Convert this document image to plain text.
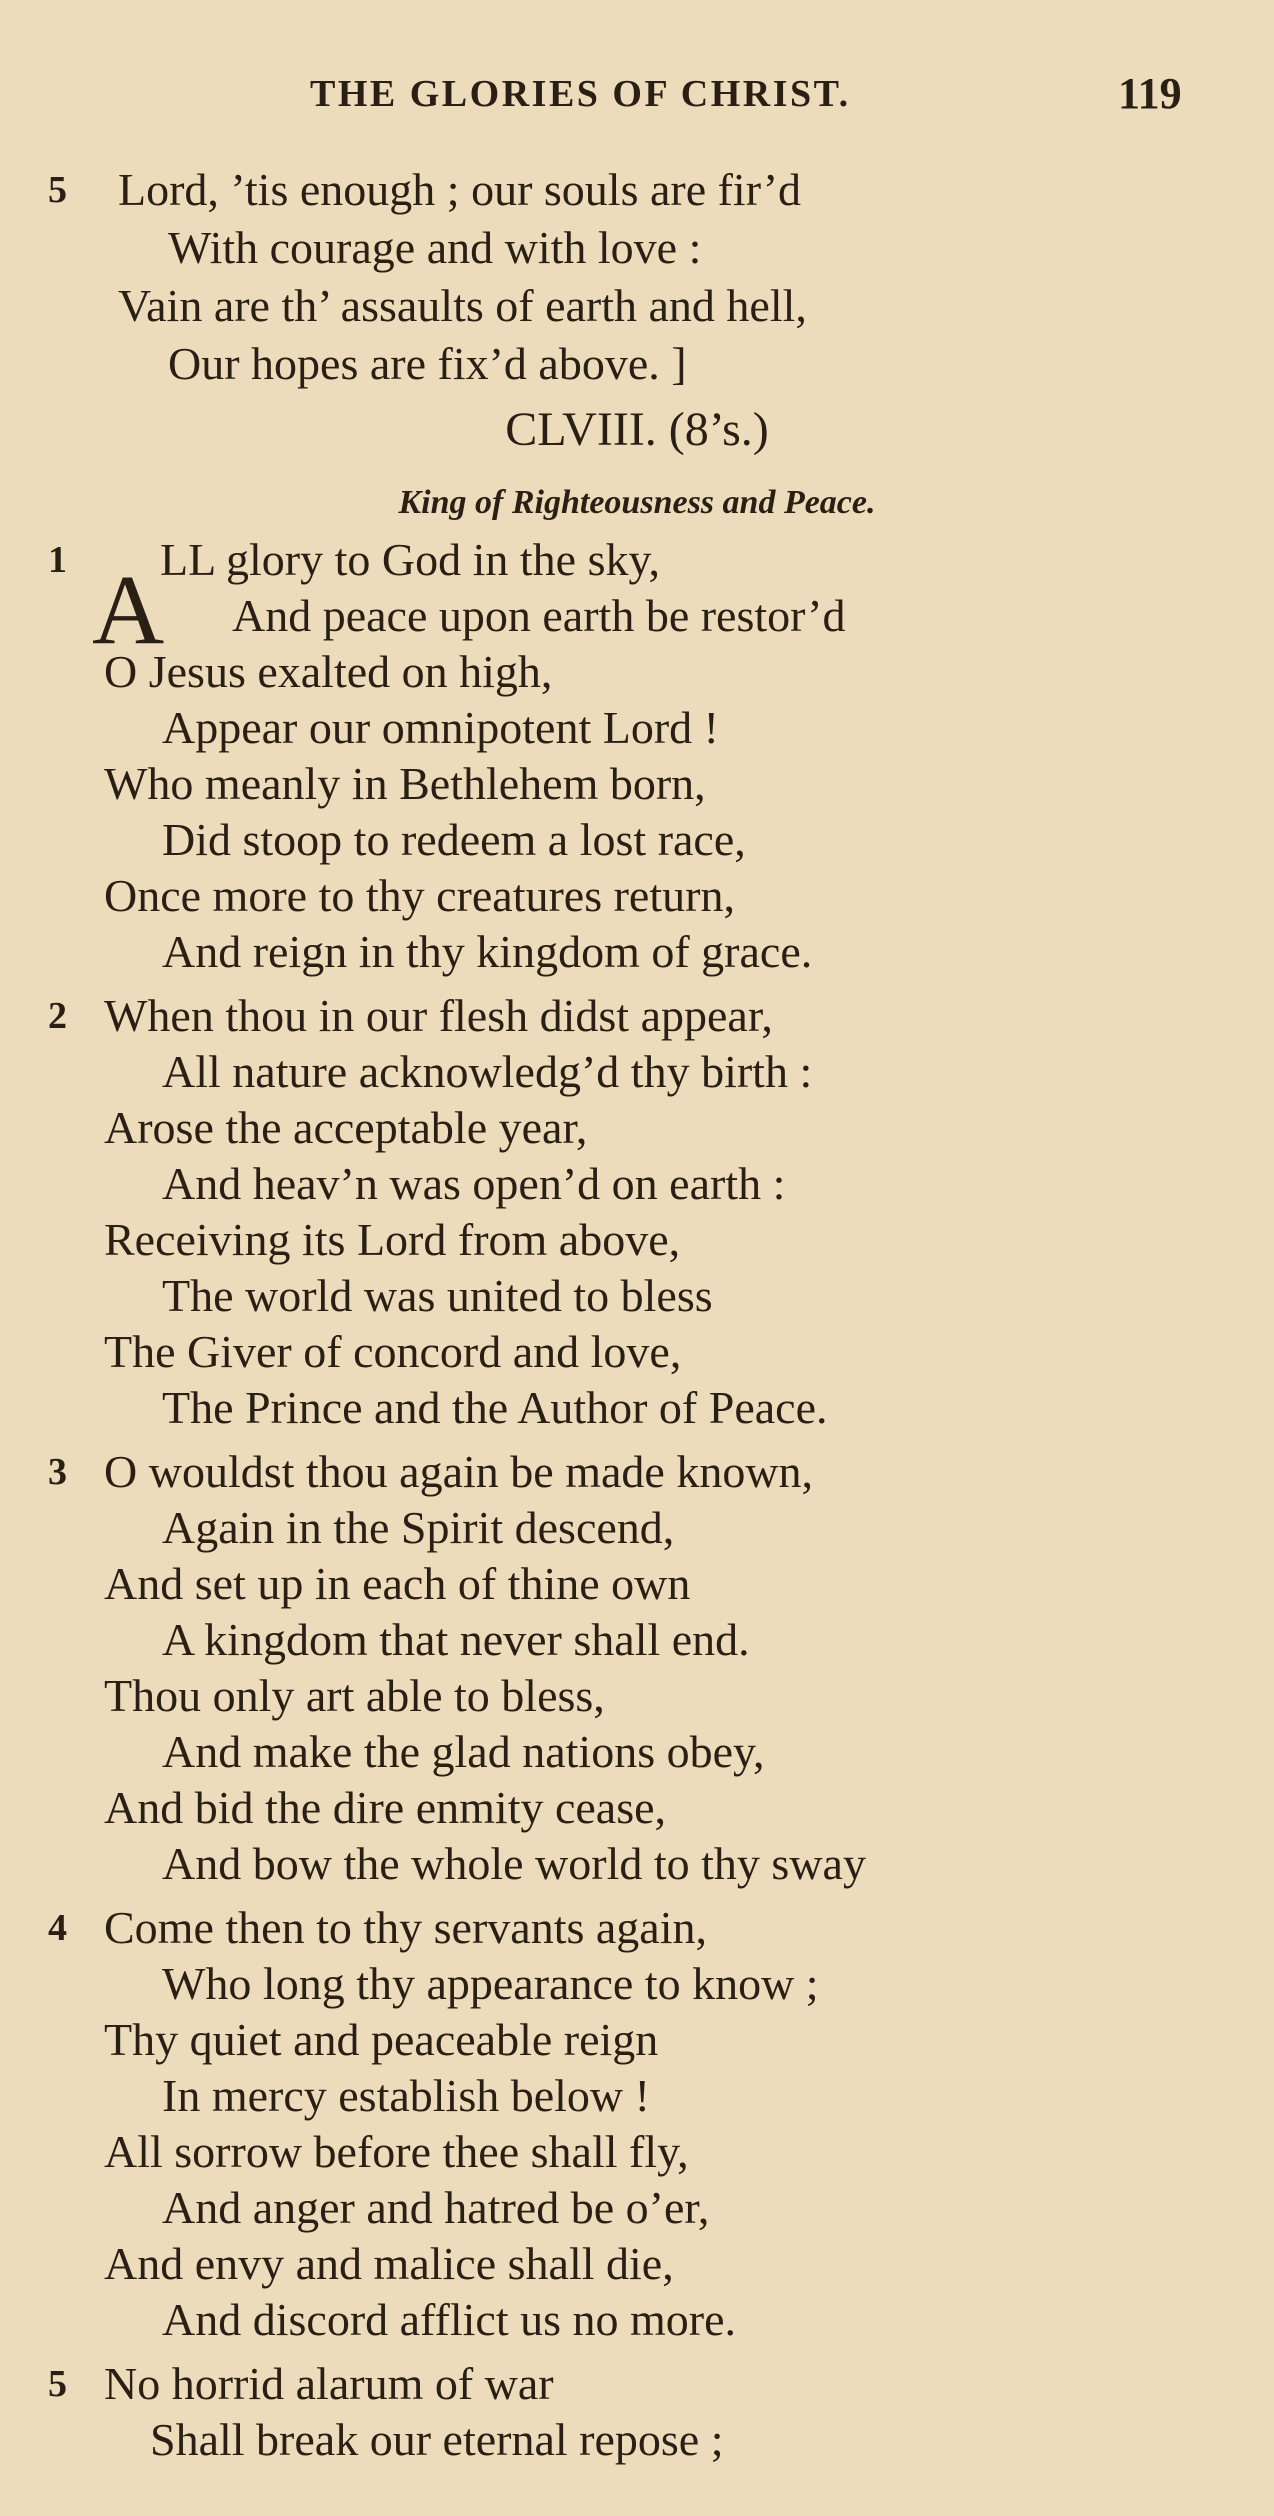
THE GLORIES OF CHRIST.	119
5 Lord, ’tis enough ; our souls are fir’d
With courage and with love :
Vain are th’ assaults of earth and hell,
Our hopes are fix’d above. ]
CLVIII. (8’s.)
King of Righteousness and Peace.
1 A
LL glory to God in the sky,
And peace upon earth be restor’d
O Jesus exalted on high,
Appear our omnipotent Lord !
Who meanly in Bethlehem born,
Did stoop to redeem a lost race,
Once more to thy creatures return,
And reign in thy kingdom of grace.
2 When thou in our flesh didst appear,
All nature acknowledg’d thy birth :
Arose the acceptable year,
And heav’n was open’d on earth :
Receiving its Lord from above,
The world was united to bless
The Giver of concord and love,
The Prince and the Author of Peace.
3 O wouldst thou again be made known,
Again in the Spirit descend,
And set up in each of thine own
A kingdom that never shall end.
Thou only art able to bless,
And make the glad nations obey,
And bid the dire enmity cease,
And bow the whole world to thy sway
4 Come then to thy servants again,
Who long thy appearance to know ;
Thy quiet and peaceable reign
In mercy establish below !
All sorrow before thee shall fly,
And anger and hatred be o’er,
And envy and malice shall die,
And discord afflict us no more.
5 No horrid alarum of war
Shall break our eternal repose ;
